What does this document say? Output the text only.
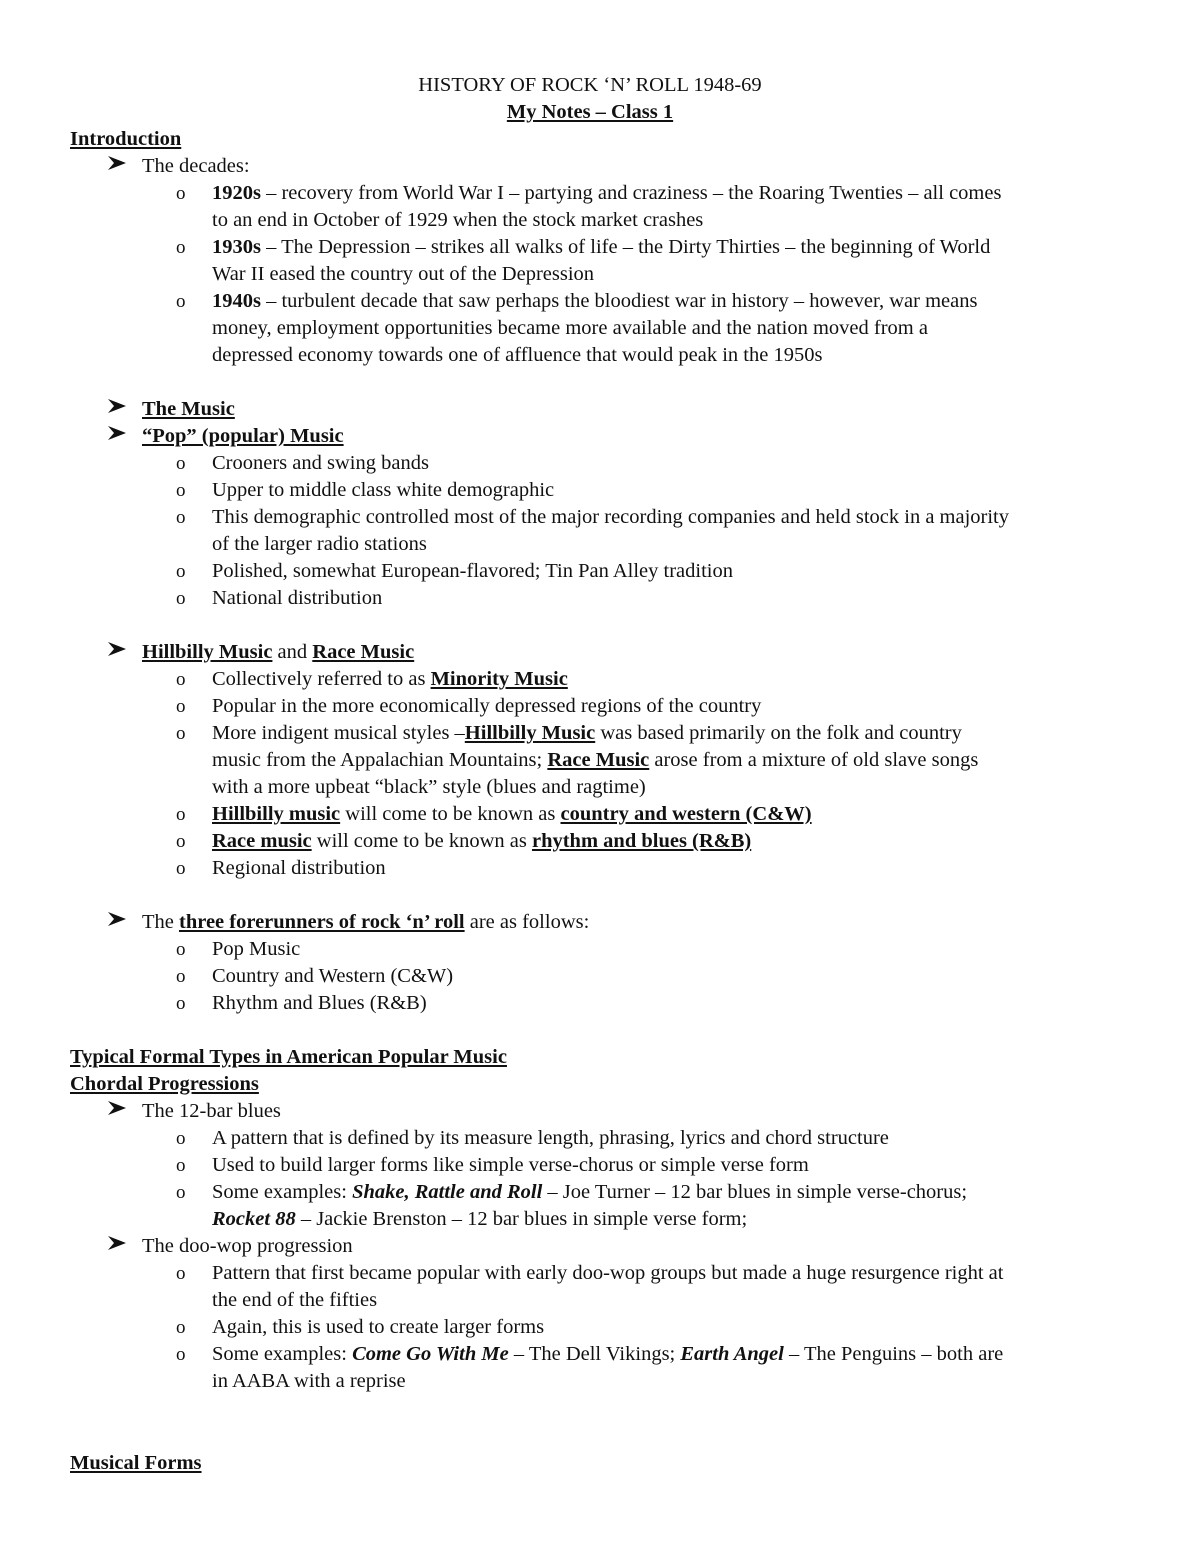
HISTORY OF ROCK ‘N’ ROLL 1948-69
My Notes – Class 1
Introduction
The decades:
o 1920s – recovery from World War I – partying and craziness – the Roaring Twenties – all comes
to an end in October of 1929 when the stock market crashes
o 1930s – The Depression – strikes all walks of life – the Dirty Thirties – the beginning of World
War II eased the country out of the Depression
o 1940s – turbulent decade that saw perhaps the bloodiest war in history – however, war means
money, employment opportunities became more available and the nation moved from a
depressed economy towards one of affluence that would peak in the 1950s
The Music
“Pop” (popular) Music
o Crooners and swing bands
o Upper to middle class white demographic
o This demographic controlled most of the major recording companies and held stock in a majority
of the larger radio stations
o Polished, somewhat European-flavored; Tin Pan Alley tradition
o National distribution
Hillbilly Music and Race Music
o Collectively referred to as Minority Music
o Popular in the more economically depressed regions of the country
o More indigent musical styles –Hillbilly Music was based primarily on the folk and country
music from the Appalachian Mountains; Race Music arose from a mixture of old slave songs
with a more upbeat “black” style (blues and ragtime)
o Hillbilly music will come to be known as country and western (C&W)
o Race music will come to be known as rhythm and blues (R&B)
o Regional distribution
The three forerunners of rock ‘n’ roll are as follows:
o Pop Music
o Country and Western (C&W)
o Rhythm and Blues (R&B)
Typical Formal Types in American Popular Music
Chordal Progressions
The 12-bar blues
o A pattern that is defined by its measure length, phrasing, lyrics and chord structure
o Used to build larger forms like simple verse-chorus or simple verse form
o Some examples: Shake, Rattle and Roll – Joe Turner – 12 bar blues in simple verse-chorus;
Rocket 88 – Jackie Brenston – 12 bar blues in simple verse form;
The doo-wop progression
o Pattern that first became popular with early doo-wop groups but made a huge resurgence right at
the end of the fifties
o Again, this is used to create larger forms
o Some examples: Come Go With Me – The Dell Vikings; Earth Angel – The Penguins – both are
in AABA with a reprise
Musical Forms
